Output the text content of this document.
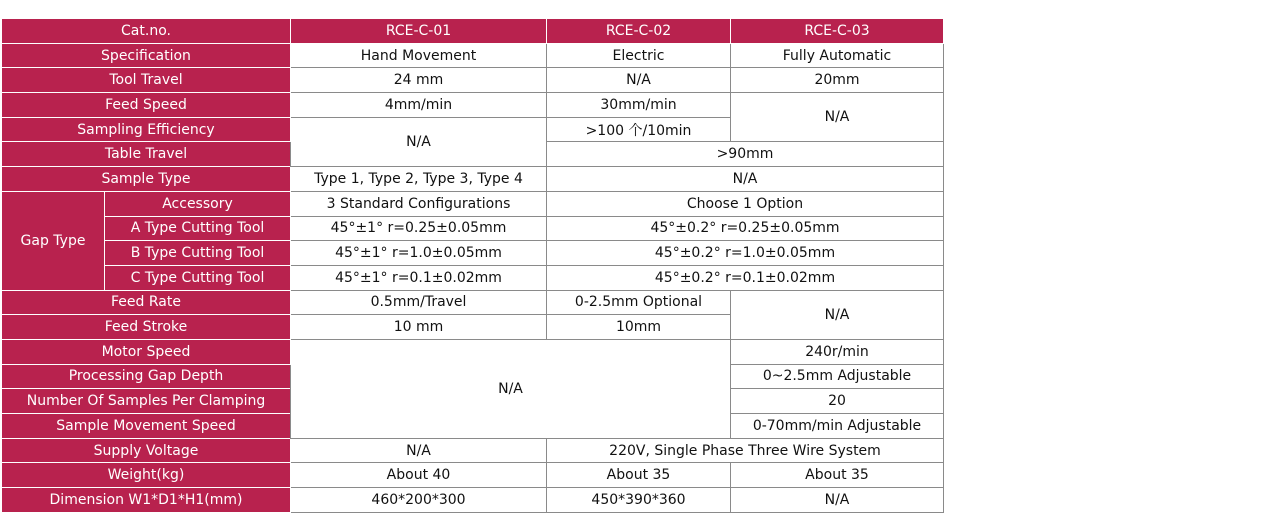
Cat.no.		RCE-C-01	RCE-C-02	RCE-C-03
Specification		Hand Movement	Electric	Fully Automatic
Tool Travel		24 mm	N/A	20mm
Feed Speed		4mm/min	30mm/min	N/A
Sampling Efficiency		N/A	>100 个/10min	
Table Travel			>90mm	
Sample Type		Type 1, Type 2, Type 3, Type 4	N/A	
Gap Type	Accessory	3 Standard Configurations	Choose 1 Option	
	A Type Cutting Tool	45°±1° r=0.25±0.05mm	45°±0.2° r=0.25±0.05mm	
	B Type Cutting Tool	45°±1° r=1.0±0.05mm	45°±0.2° r=1.0±0.05mm	
	C Type Cutting Tool	45°±1° r=0.1±0.02mm	45°±0.2° r=0.1±0.02mm	
Feed Rate		0.5mm/Travel	0-2.5mm Optional	N/A
Feed Stroke		10 mm	10mm	
Motor Speed		N/A		240r/min
Processing Gap Depth				0~2.5mm Adjustable
Number Of Samples Per Clamping				20
Sample Movement Speed				0-70mm/min Adjustable
Supply Voltage		N/A	220V, Single Phase Three Wire System	
Weight(kg)		About 40	About 35	About 35
Dimension W1*D1*H1(mm)		460*200*300	450*390*360	N/A
